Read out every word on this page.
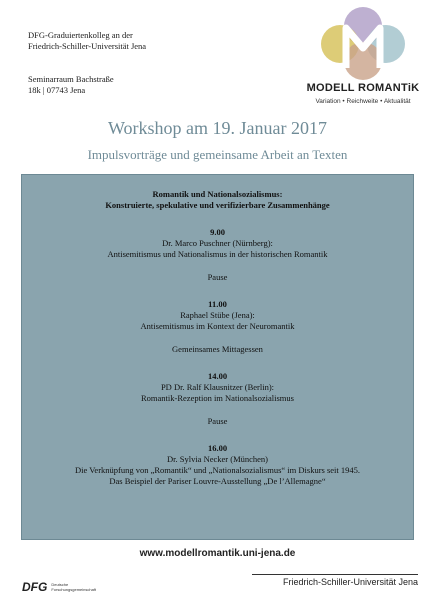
DFG-Graduiertenkolleg an der
Friedrich-Schiller-Universität Jena
Seminarraum Bachstraße
18k | 07743 Jena	MODELL ROMANTiK
Variation • Reichweite • Aktualität
Workshop am 19. Januar 2017
Impulsvorträge und gemeinsame Arbeit an Texten
Romantik und Nationalsozialismus:
Konstruierte, spekulative und verifizierbare Zusammenhänge
9.00
Dr. Marco Puschner (Nürnberg):
Antisemitismus und Nationalismus in der historischen Romantik
Pause
11.00
Raphael Stübe (Jena):
Antisemitismus im Kontext der Neuromantik
Gemeinsames Mittagessen
14.00
PD Dr. Ralf Klausnitzer (Berlin):
Romantik-Rezeption im Nationalsozialismus
Pause
16.00
Dr. Sylvia Necker (München)
Die Verknüpfung von „Romantik“ und „Nationalsozialismus“ im Diskurs seit 1945.
Das Beispiel der Pariser Louvre-Ausstellung „De l’Allemagne“
www.modellromantik.uni-jena.de
DFG Deutsche Forschungsgemeinschaft
Friedrich-Schiller-Universität Jena
